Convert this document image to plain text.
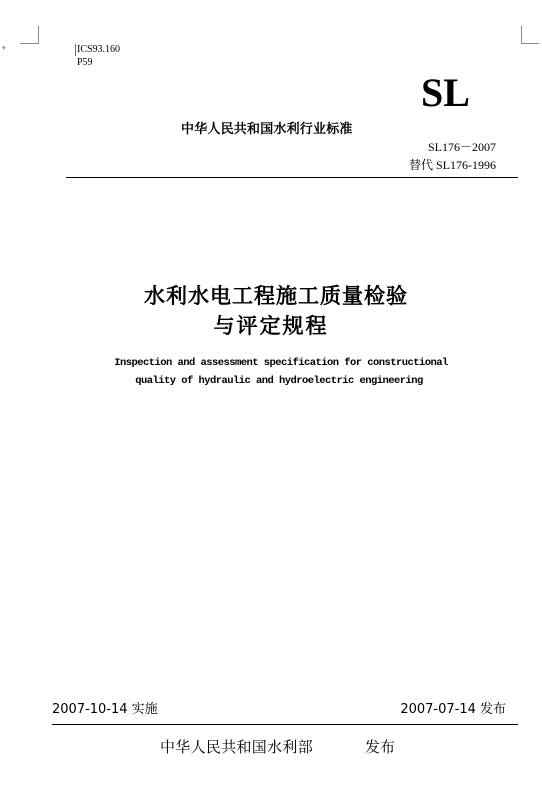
▾	ICS93.160
P59
SL
中华人民共和国水利行业标准
SL176－2007
替代 SL176-1996
水利水电工程施工质量检验
与评定规程
Inspection and assessment specification for constructional
quality of hydraulic and hydroelectric engineering
2007-10-14 实施	2007-07-14 发布
中华人民共和国水利部	发布
